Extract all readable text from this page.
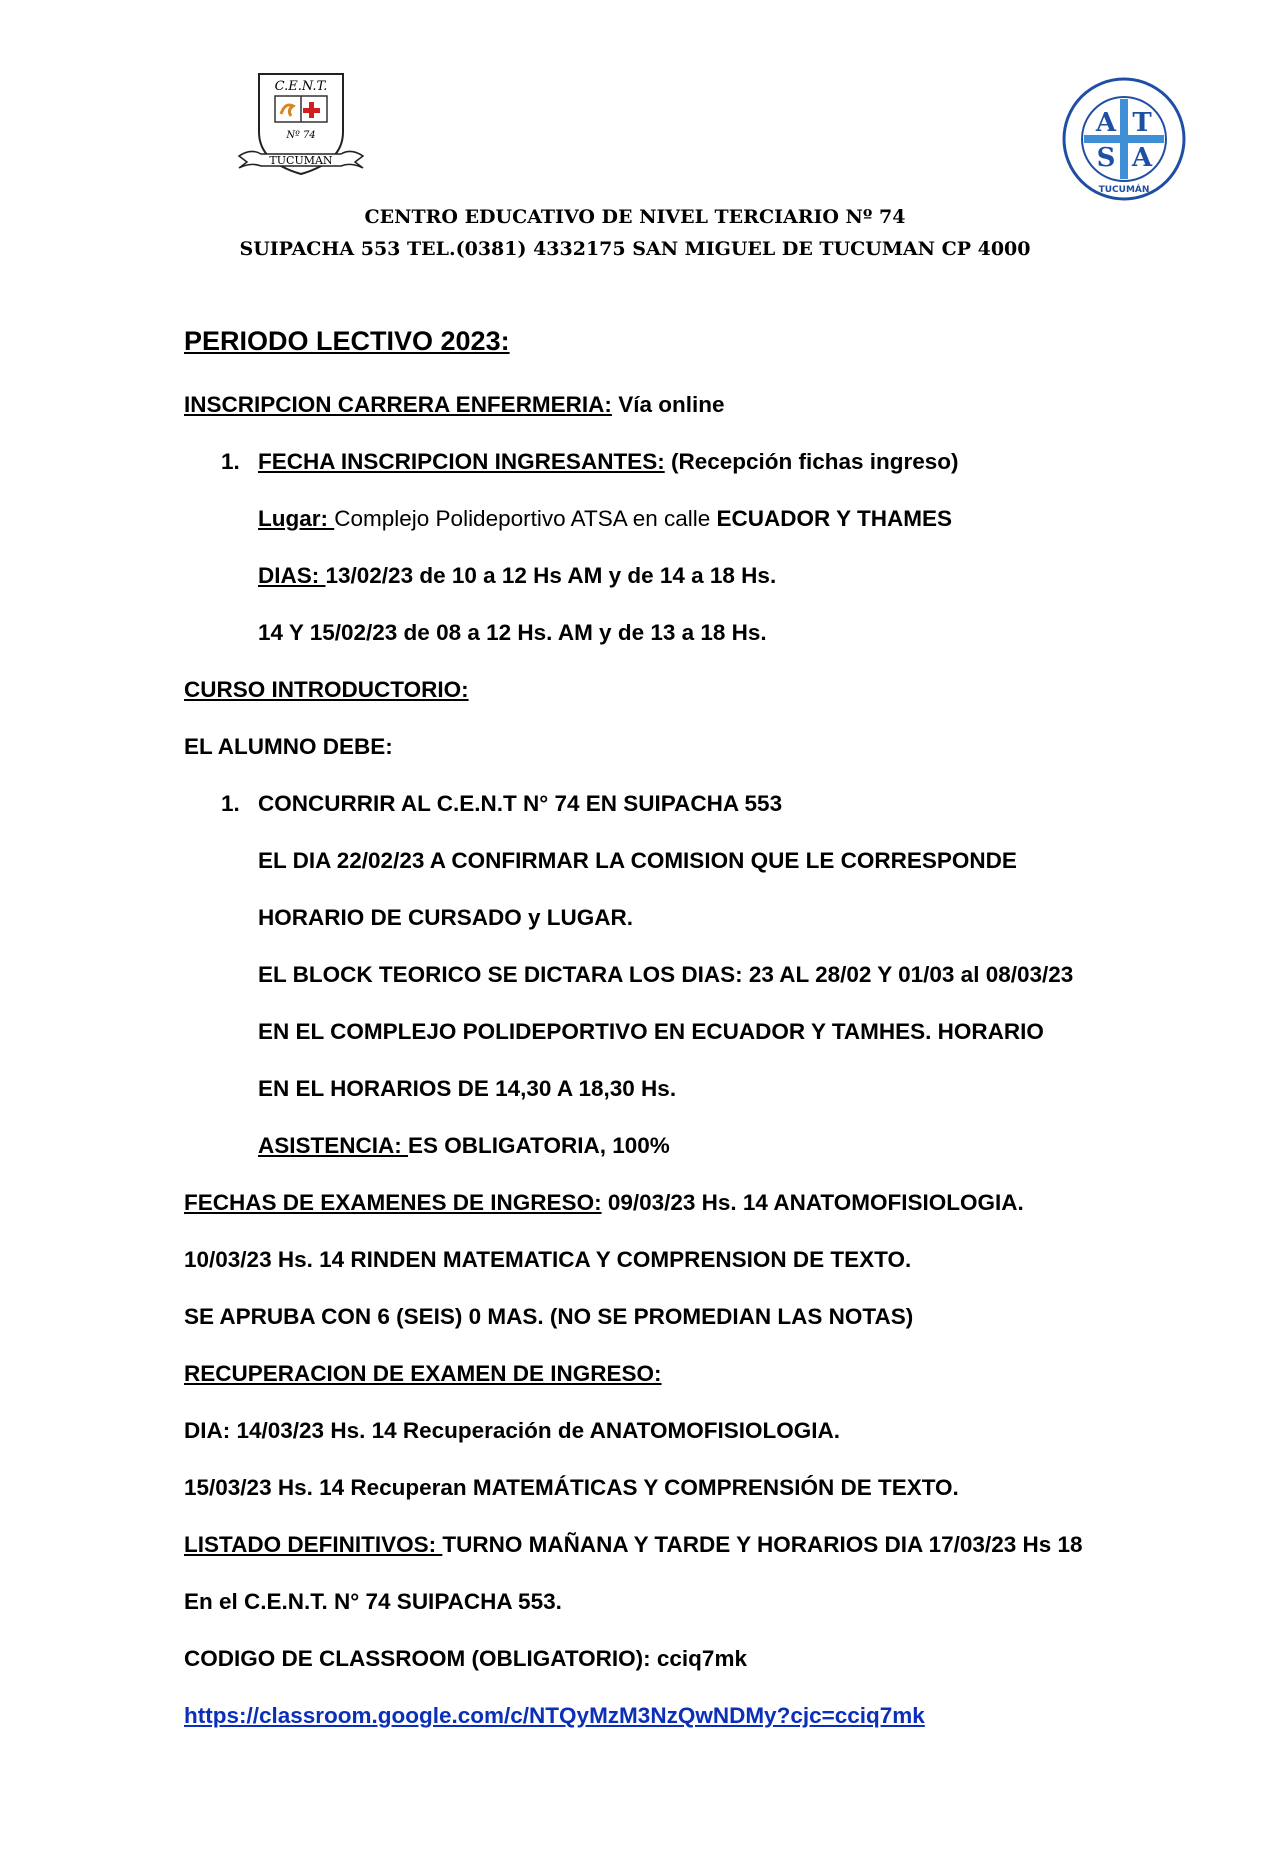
C.E.N.T.
Nº 74
TUCUMAN
A T
S A
TUCUMÁN
CENTRO EDUCATIVO DE NIVEL TERCIARIO Nº 74
SUIPACHA 553 TEL.(0381) 4332175 SAN MIGUEL DE TUCUMAN CP 4000
PERIODO LECTIVO 2023:
INSCRIPCION CARRERA ENFERMERIA: Vía online
1. FECHA INSCRIPCION INGRESANTES: (Recepción fichas ingreso)
Lugar: Complejo Polideportivo ATSA en calle ECUADOR Y THAMES
DIAS: 13/02/23 de 10 a 12 Hs AM y de 14 a 18 Hs.
14 Y 15/02/23 de 08 a 12 Hs. AM y de 13 a 18 Hs.
CURSO INTRODUCTORIO:
EL ALUMNO DEBE:
1. CONCURRIR AL C.E.N.T N° 74 EN SUIPACHA 553
EL DIA 22/02/23 A CONFIRMAR LA COMISION QUE LE CORRESPONDE
HORARIO DE CURSADO y LUGAR.
EL BLOCK TEORICO SE DICTARA LOS DIAS: 23 AL 28/02 Y 01/03 al 08/03/23
EN EL COMPLEJO POLIDEPORTIVO EN ECUADOR Y TAMHES. HORARIO
EN EL HORARIOS DE 14,30 A 18,30 Hs.
ASISTENCIA: ES OBLIGATORIA, 100%
FECHAS DE EXAMENES DE INGRESO: 09/03/23 Hs. 14 ANATOMOFISIOLOGIA.
10/03/23 Hs. 14 RINDEN MATEMATICA Y COMPRENSION DE TEXTO.
SE APRUBA CON 6 (SEIS) 0 MAS. (NO SE PROMEDIAN LAS NOTAS)
RECUPERACION DE EXAMEN DE INGRESO:
DIA: 14/03/23 Hs. 14 Recuperación de ANATOMOFISIOLOGIA.
15/03/23 Hs. 14 Recuperan MATEMÁTICAS Y COMPRENSIÓN DE TEXTO.
LISTADO DEFINITIVOS: TURNO MAÑANA Y TARDE Y HORARIOS DIA 17/03/23 Hs 18
En el C.E.N.T. N° 74 SUIPACHA 553.
CODIGO DE CLASSROOM (OBLIGATORIO): cciq7mk
https://classroom.google.com/c/NTQyMzM3NzQwNDMy?cjc=cciq7mk
